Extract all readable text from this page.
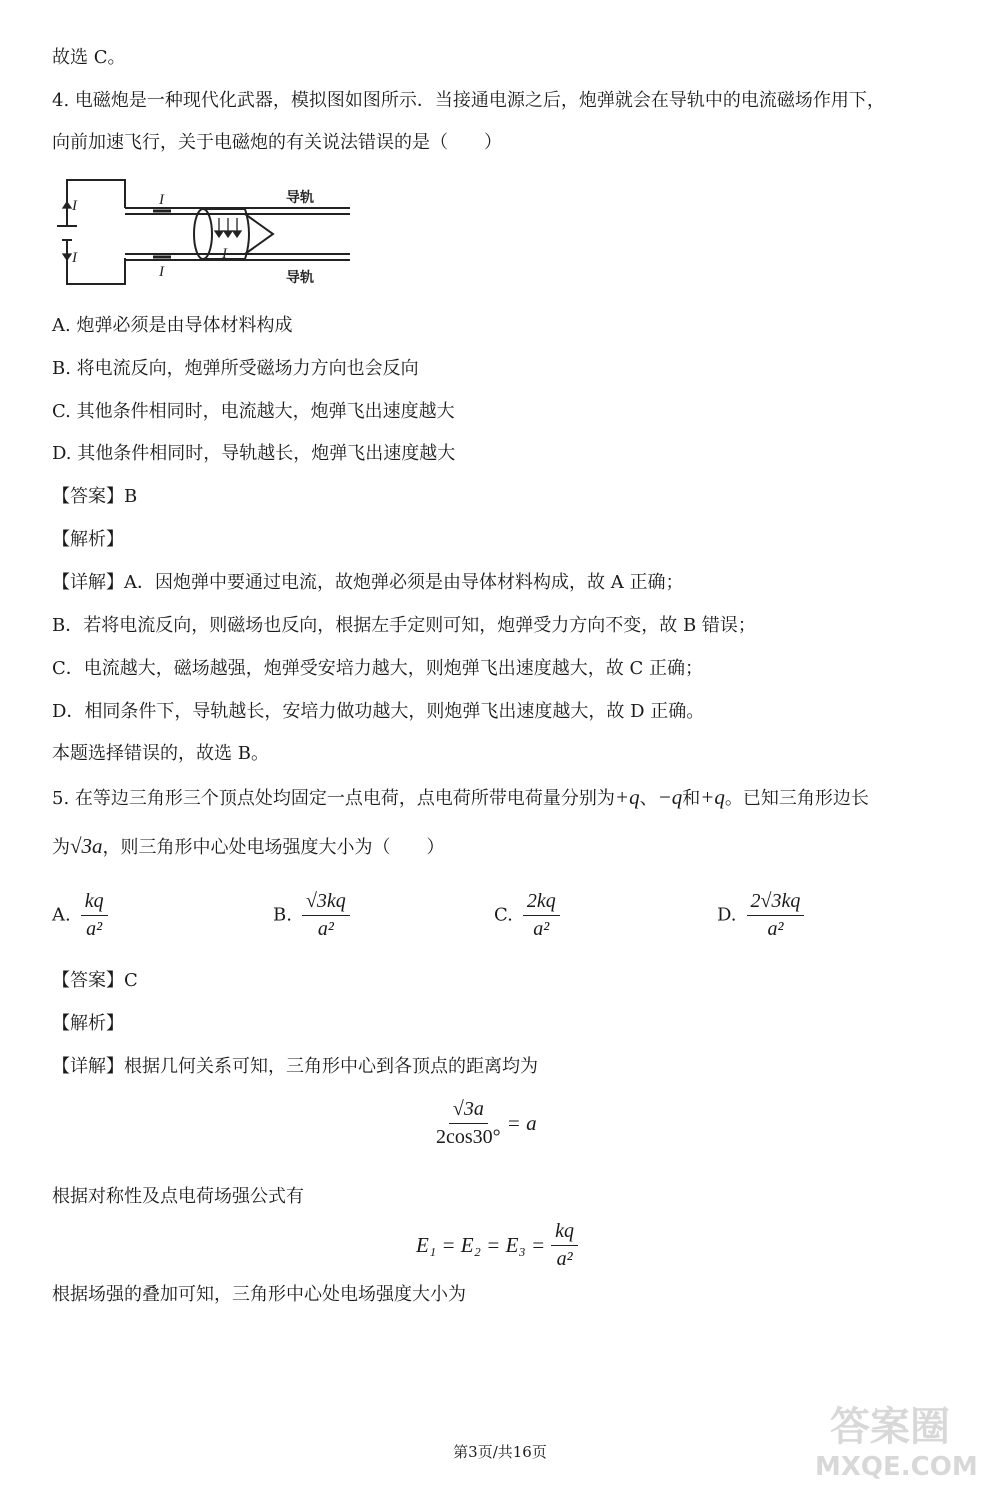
故选 C。
4. 电磁炮是一种现代化武器，模拟图如图所示．当接通电源之后，炮弹就会在导轨中的电流磁场作用下，
向前加速飞行，关于电磁炮的有关说法错误的是（　　）
I
I
I
I
I
导轨
导轨
A. 炮弹必须是由导体材料构成
B. 将电流反向，炮弹所受磁场力方向也会反向
C. 其他条件相同时，电流越大，炮弹飞出速度越大
D. 其他条件相同时，导轨越长，炮弹飞出速度越大
【答案】B
【解析】
【详解】A．因炮弹中要通过电流，故炮弹必须是由导体材料构成，故 A 正确；
B．若将电流反向，则磁场也反向，根据左手定则可知，炮弹受力方向不变，故 B 错误；
C．电流越大，磁场越强，炮弹受安培力越大，则炮弹飞出速度越大，故 C 正确；
D．相同条件下，导轨越长，安培力做功越大，则炮弹飞出速度越大，故 D 正确。
本题选择错误的，故选 B。
5. 在等边三角形三个顶点处均固定一点电荷，点电荷所带电荷量分别为+q、−q和+q。已知三角形边长
为√3a，则三角形中心处电场强度大小为（　　）
A. $\frac{kq}{\text{a²}}$	B. $\frac{√3kq}{\text{a²}}$	C. $\frac{2kq}{\text{a²}}$	D. $\frac{2√3kq}{\text{a²}}$
【答案】C
【解析】
【详解】根据几何关系可知，三角形中心到各顶点的距离均为
$\frac{√3a}{2\cos 30^\circ} = a$
根据对称性及点电荷场强公式有
$E_1 = E_2 = E_3 = \frac{kq}{\text{a²}}$
根据场强的叠加可知，三角形中心处电场强度大小为
第3页/共16页
答案圈
MXQE.COM
